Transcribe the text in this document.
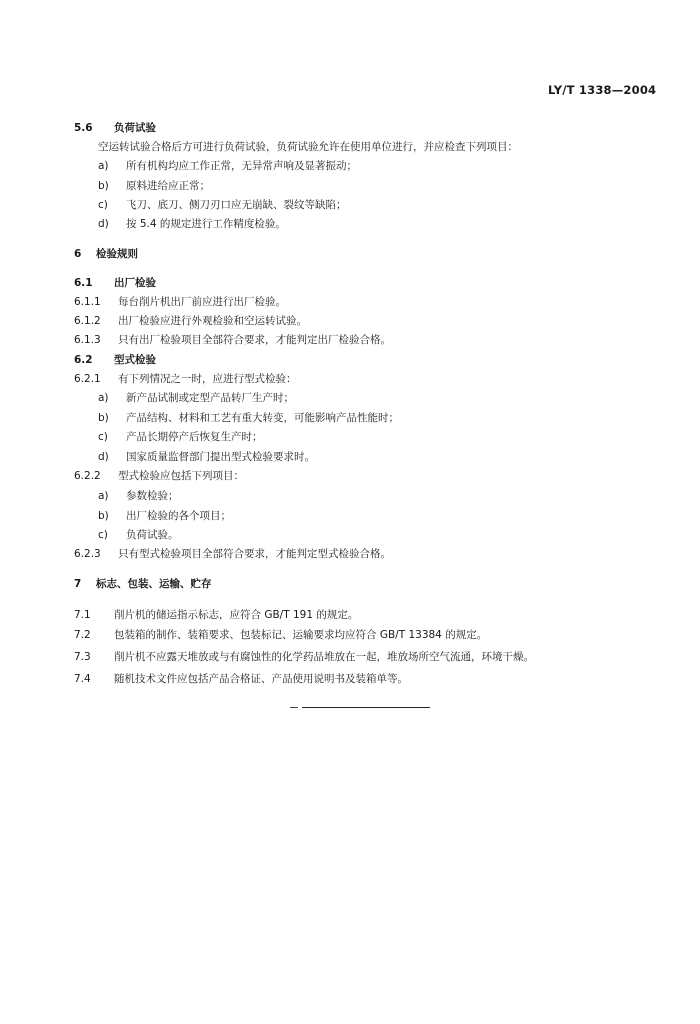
LY/T 1338—2004
5.6 负荷试验
空运转试验合格后方可进行负荷试验，负荷试验允许在使用单位进行，并应检查下列项目：
a) 所有机构均应工作正常，无异常声响及显著振动；
b) 原料进给应正常；
c) 飞刀、底刀、侧刀刃口应无崩缺、裂纹等缺陷；
d) 按 5.4 的规定进行工作精度检验。
6 检验规则
6.1 出厂检验
6.1.1 每台削片机出厂前应进行出厂检验。
6.1.2 出厂检验应进行外观检验和空运转试验。
6.1.3 只有出厂检验项目全部符合要求，才能判定出厂检验合格。
6.2 型式检验
6.2.1 有下列情况之一时，应进行型式检验：
a) 新产品试制或定型产品转厂生产时；
b) 产品结构、材料和工艺有重大转变，可能影响产品性能时；
c) 产品长期停产后恢复生产时；
d) 国家质量监督部门提出型式检验要求时。
6.2.2 型式检验应包括下列项目：
a) 参数检验；
b) 出厂检验的各个项目；
c) 负荷试验。
6.2.3 只有型式检验项目全部符合要求，才能判定型式检验合格。
7 标志、包装、运输、贮存
7.1 削片机的储运指示标志，应符合 GB/T 191 的规定。
7.2 包装箱的制作、装箱要求、包装标记、运输要求均应符合 GB/T 13384 的规定。
7.3 削片机不应露天堆放或与有腐蚀性的化学药品堆放在一起，堆放场所空气流通，环境干燥。
7.4 随机技术文件应包括产品合格证、产品使用说明书及装箱单等。
